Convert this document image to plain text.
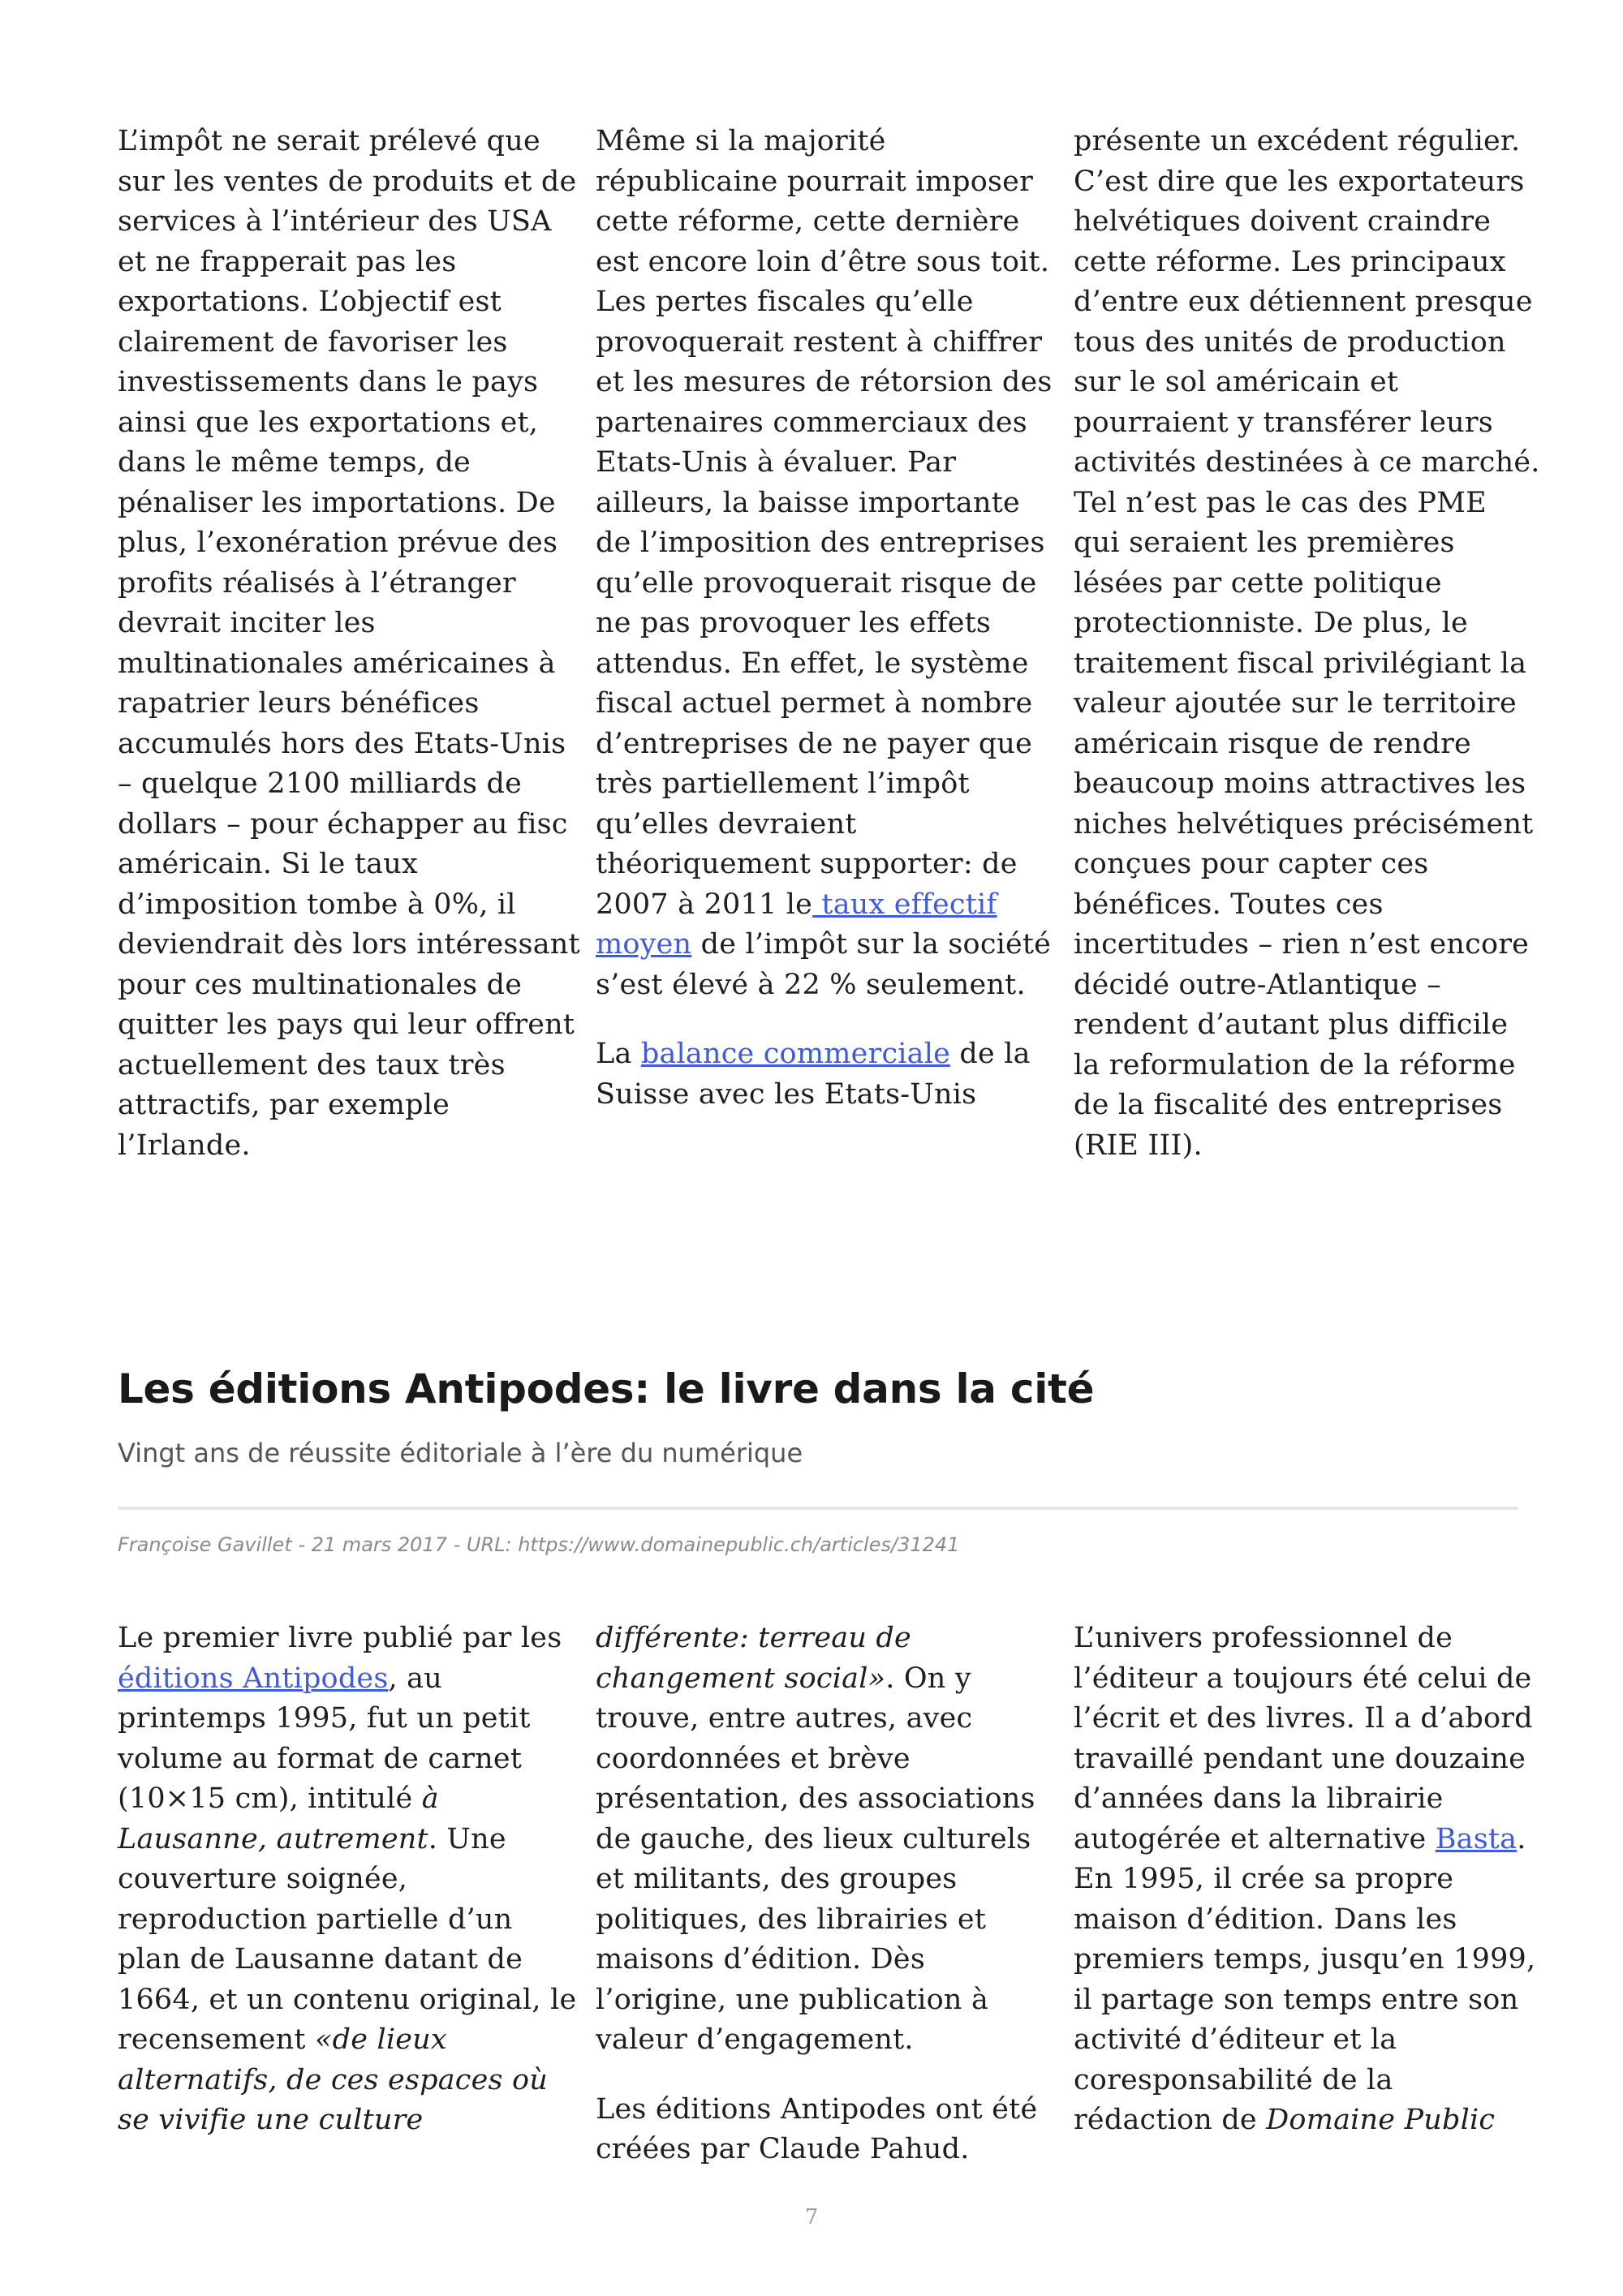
L’impôt ne serait prélevé que
sur les ventes de produits et de
services à l’intérieur des USA
et ne frapperait pas les
exportations. L’objectif est
clairement de favoriser les
investissements dans le pays
ainsi que les exportations et,
dans le même temps, de
pénaliser les importations. De
plus, l’exonération prévue des
profits réalisés à l’étranger
devrait inciter les
multinationales américaines à
rapatrier leurs bénéfices
accumulés hors des Etats-Unis
– quelque 2100 milliards de
dollars – pour échapper au fisc
américain. Si le taux
d’imposition tombe à 0%, il
deviendrait dès lors intéressant
pour ces multinationales de
quitter les pays qui leur offrent
actuellement des taux très
attractifs, par exemple
l’Irlande.

Même si la majorité
républicaine pourrait imposer
cette réforme, cette dernière
est encore loin d’être sous toit.
Les pertes fiscales qu’elle
provoquerait restent à chiffrer
et les mesures de rétorsion des
partenaires commerciaux des
Etats-Unis à évaluer. Par
ailleurs, la baisse importante
de l’imposition des entreprises
qu’elle provoquerait risque de
ne pas provoquer les effets
attendus. En effet, le système
fiscal actuel permet à nombre
d’entreprises de ne payer que
très partiellement l’impôt
qu’elles devraient
théoriquement supporter: de
2007 à 2011 le taux effectif
moyen de l’impôt sur la société
s’est élevé à 22 % seulement.

La balance commerciale de la
Suisse avec les Etats-Unis

présente un excédent régulier.
C’est dire que les exportateurs
helvétiques doivent craindre
cette réforme. Les principaux
d’entre eux détiennent presque
tous des unités de production
sur le sol américain et
pourraient y transférer leurs
activités destinées à ce marché.
Tel n’est pas le cas des PME
qui seraient les premières
lésées par cette politique
protectionniste. De plus, le
traitement fiscal privilégiant la
valeur ajoutée sur le territoire
américain risque de rendre
beaucoup moins attractives les
niches helvétiques précisément
conçues pour capter ces
bénéfices. Toutes ces
incertitudes – rien n’est encore
décidé outre-Atlantique –
rendent d’autant plus difficile
la reformulation de la réforme
de la fiscalité des entreprises
(RIE III).

Les éditions Antipodes: le livre dans la cité

Vingt ans de réussite éditoriale à l’ère du numérique

Françoise Gavillet - 21 mars 2017 - URL: https://www.domainepublic.ch/articles/31241

Le premier livre publié par les
éditions Antipodes, au
printemps 1995, fut un petit
volume au format de carnet
(10×15 cm), intitulé à
Lausanne, autrement. Une
couverture soignée,
reproduction partielle d’un
plan de Lausanne datant de
1664, et un contenu original, le
recensement «de lieux
alternatifs, de ces espaces où
se vivifie une culture

différente: terreau de
changement social». On y
trouve, entre autres, avec
coordonnées et brève
présentation, des associations
de gauche, des lieux culturels
et militants, des groupes
politiques, des librairies et
maisons d’édition. Dès
l’origine, une publication à
valeur d’engagement.

Les éditions Antipodes ont été
créées par Claude Pahud.

L’univers professionnel de
l’éditeur a toujours été celui de
l’écrit et des livres. Il a d’abord
travaillé pendant une douzaine
d’années dans la librairie
autogérée et alternative Basta.
En 1995, il crée sa propre
maison d’édition. Dans les
premiers temps, jusqu’en 1999,
il partage son temps entre son
activité d’éditeur et la
coresponsabilité de la
rédaction de Domaine Public

7
